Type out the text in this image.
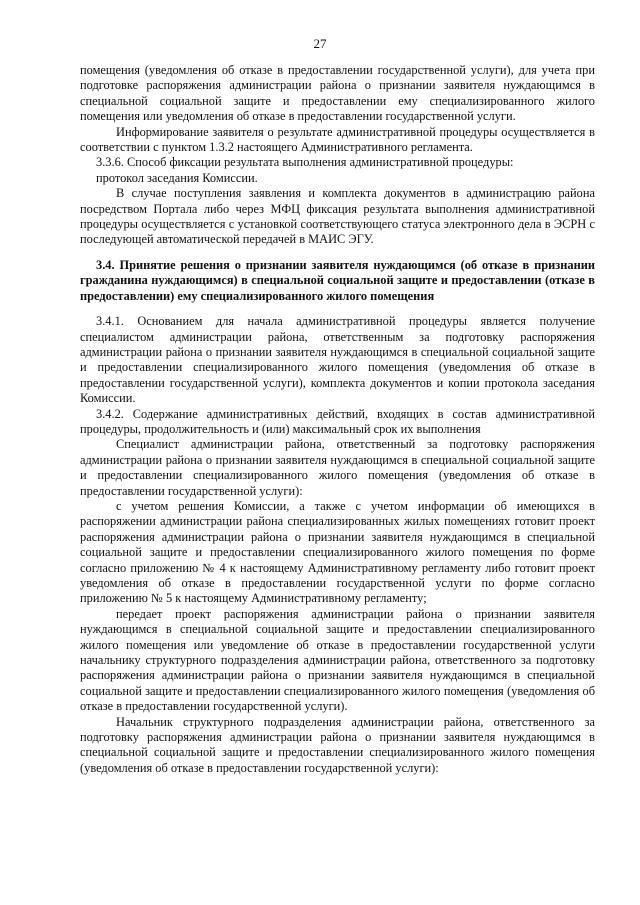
27

помещения (уведомления об отказе в предоставлении государственной услуги), для учета при подготовке распоряжения администрации района о признании заявителя нуждающимся в специальной социальной защите и предоставлении ему специализированного жилого помещения или уведомления об отказе в предоставлении государственной услуги.

Информирование заявителя о результате административной процедуры осуществляется в соответствии с пунктом 1.3.2 настоящего Административного регламента.

3.3.6. Способ фиксации результата выполнения административной процедуры:

протокол заседания Комиссии.

В случае поступления заявления и комплекта документов в администрацию района посредством Портала либо через МФЦ фиксация результата выполнения административной процедуры осуществляется с установкой соответствующего статуса электронного дела в ЭСРН с последующей автоматической передачей в МАИС ЭГУ.

3.4. Принятие решения о признании заявителя нуждающимся (об отказе в признании гражданина нуждающимся) в специальной социальной защите и предоставлении (отказе в предоставлении) ему специализированного жилого помещения

3.4.1. Основанием для начала административной процедуры является получение специалистом администрации района, ответственным за подготовку распоряжения администрации района о признании заявителя нуждающимся в специальной социальной защите и предоставлении специализированного жилого помещения (уведомления об отказе в предоставлении государственной услуги), комплекта документов и копии протокола заседания Комиссии.

3.4.2. Содержание административных действий, входящих в состав административной процедуры, продолжительность и (или) максимальный срок их выполнения

Специалист администрации района, ответственный за подготовку распоряжения администрации района о признании заявителя нуждающимся в специальной социальной защите и предоставлении специализированного жилого помещения (уведомления об отказе в предоставлении государственной услуги):

с учетом решения Комиссии, а также с учетом информации об имеющихся в распоряжении администрации района специализированных жилых помещениях готовит проект распоряжения администрации района о признании заявителя нуждающимся в специальной социальной защите и предоставлении специализированного жилого помещения по форме согласно приложению № 4 к настоящему Административному регламенту либо готовит проект уведомления об отказе в предоставлении государственной услуги по форме согласно приложению № 5 к настоящему Административному регламенту;

передает проект распоряжения администрации района о признании заявителя нуждающимся в специальной социальной защите и предоставлении специализированного жилого помещения или уведомление об отказе в предоставлении государственной услуги начальнику структурного подразделения администрации района, ответственного за подготовку распоряжения администрации района о признании заявителя нуждающимся в специальной социальной защите и предоставлении специализированного жилого помещения (уведомления об отказе в предоставлении государственной услуги).

Начальник структурного подразделения администрации района, ответственного за подготовку распоряжения администрации района о признании заявителя нуждающимся в специальной социальной защите и предоставлении специализированного жилого помещения (уведомления об отказе в предоставлении государственной услуги):
